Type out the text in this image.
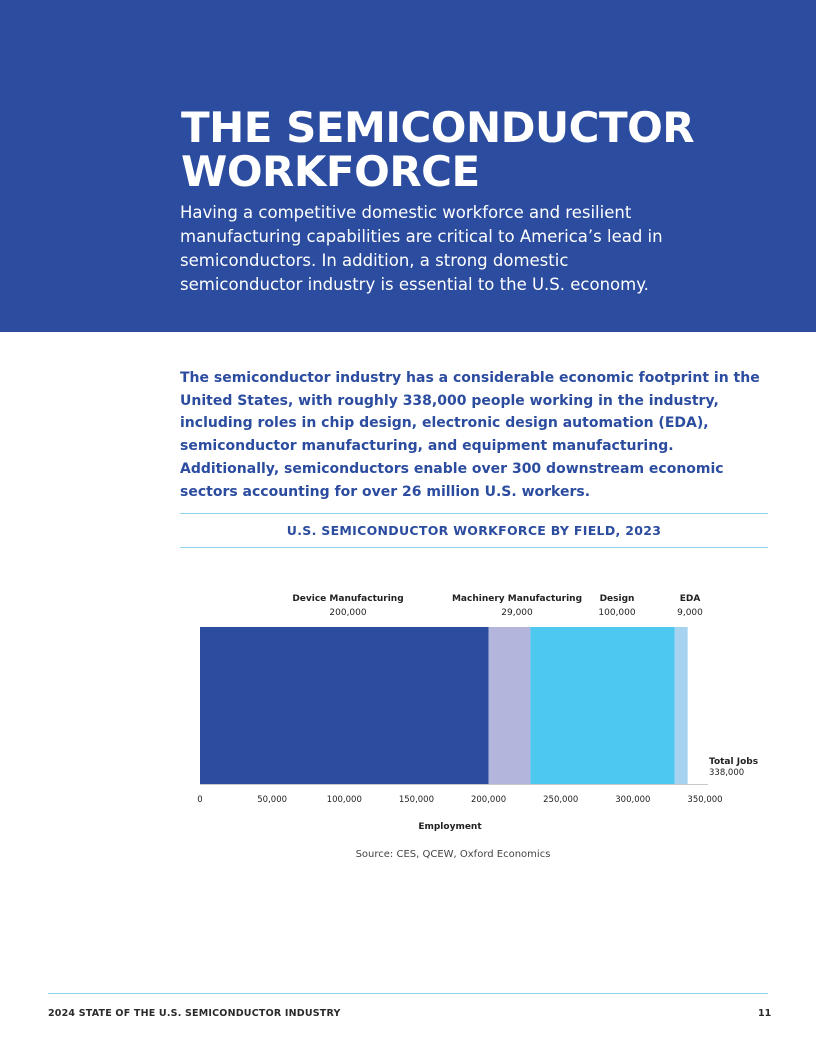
THE SEMICONDUCTOR WORKFORCE

Having a competitive domestic workforce and resilient manufacturing capabilities are critical to America’s lead in semiconductors. In addition, a strong domestic semiconductor industry is essential to the U.S. economy.

The semiconductor industry has a considerable economic footprint in the United States, with roughly 338,000 people working in the industry, including roles in chip design, electronic design automation (EDA), semiconductor manufacturing, and equipment manufacturing. Additionally, semiconductors enable over 300 downstream economic sectors accounting for over 26 million U.S. workers.

U.S. SEMICONDUCTOR WORKFORCE BY FIELD, 2023
Device Manufacturing
200,000
Machinery Manufacturing
29,000
Design
100,000
EDA
9,000
0	50,000	100,000	150,000	200,000	250,000	300,000	350,000
Employment
Total Jobs
338,000
Source: CES, QCEW, Oxford Economics
2024 STATE OF THE U.S. SEMICONDUCTOR INDUSTRY	11
